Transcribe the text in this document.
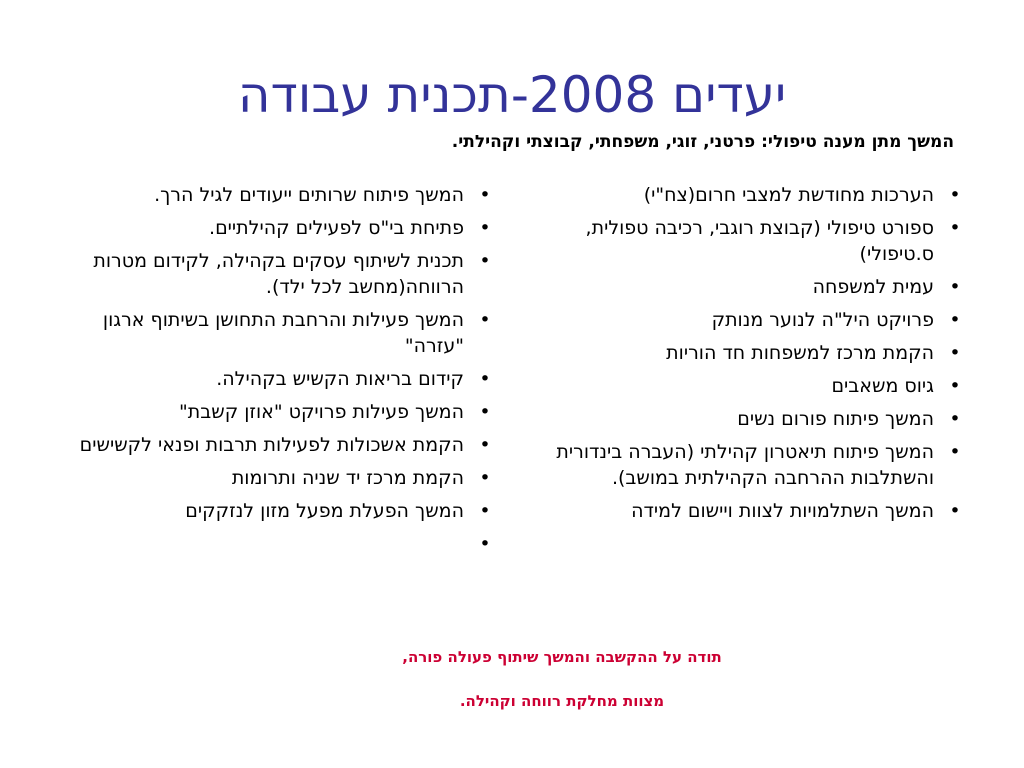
יעדים 2008-תכנית עבודה
המשך מתן מענה טיפולי: פרטני, זוגי, משפחתי, קבוצתי וקהילתי.
•
הערכות מחודשת למצבי חרום(צח"י)
•
ספורט טיפולי (קבוצת רוגבי, רכיבה טפולית, ס.טיפולי)
•
עמית למשפחה
•
פרויקט היל"ה לנוער מנותק
•
הקמת מרכז למשפחות חד הוריות
•
גיוס משאבים
•
המשך פיתוח פורום נשים
•
המשך פיתוח תיאטרון קהילתי (העברה בינדורית והשתלבות ההרחבה הקהילתית במושב).
•
המשך השתלמויות לצוות ויישום למידה
•
המשך פיתוח שרותים ייעודים לגיל הרך.
•
פתיחת בי"ס לפעילים קהילתיים.
•
תכנית לשיתוף עסקים בקהילה, לקידום מטרות הרווחה(מחשב לכל ילד).
•
המשך פעילות והרחבת התחושן בשיתוף ארגון "עזרה"
•
קידום בריאות הקשיש בקהילה.
•
המשך פעילות פרויקט "אוזן קשבת"
•
הקמת אשכולות לפעילות תרבות ופנאי לקשישים
•
הקמת מרכז יד שניה ותרומות
•
המשך הפעלת מפעל מזון לנזקקים
•
תודה על ההקשבה והמשך שיתוף פעולה פורה,
מצוות מחלקת רווחה וקהילה.
